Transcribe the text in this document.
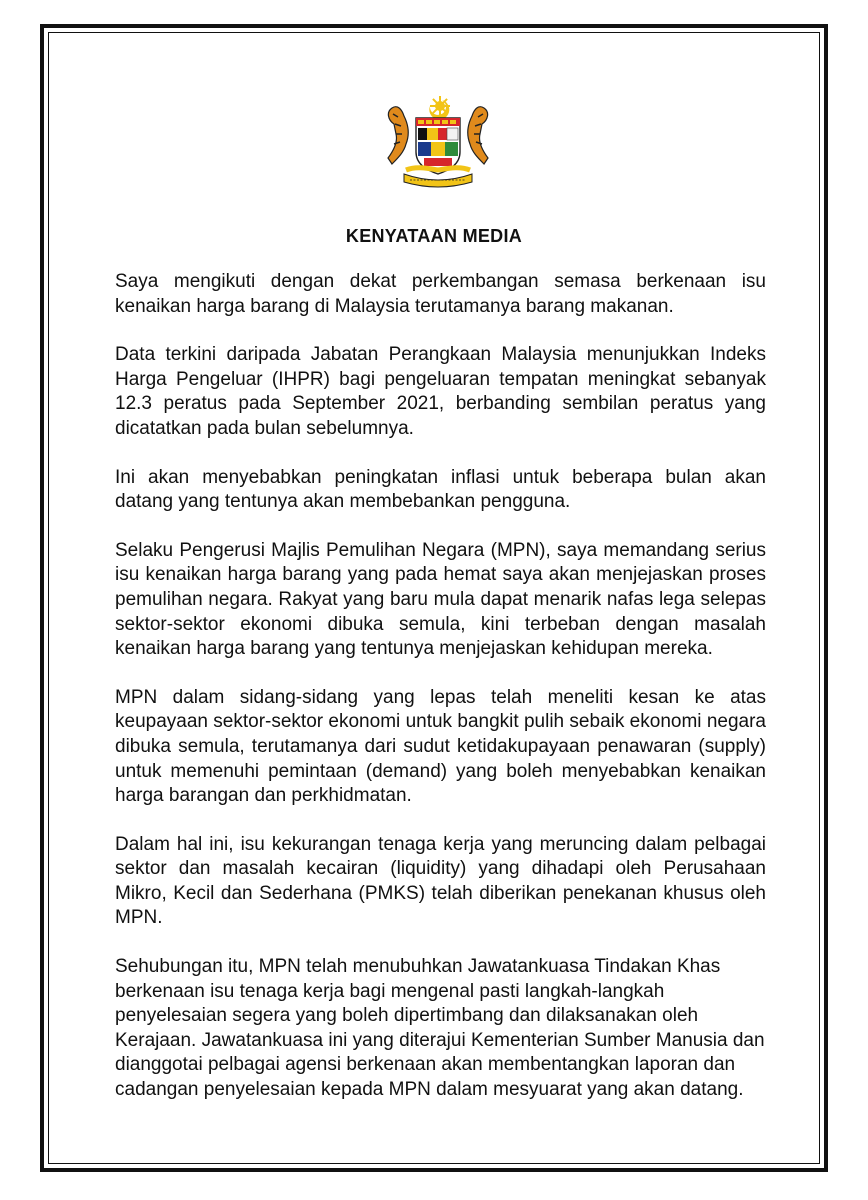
KENYATAAN MEDIA

Saya mengikuti dengan dekat perkembangan semasa berkenaan isu kenaikan harga barang di Malaysia terutamanya barang makanan.

Data terkini daripada Jabatan Perangkaan Malaysia menunjukkan Indeks Harga Pengeluar (IHPR) bagi pengeluaran tempatan meningkat sebanyak 12.3 peratus pada September 2021, berbanding sembilan peratus yang dicatatkan pada bulan sebelumnya.

Ini akan menyebabkan peningkatan inflasi untuk beberapa bulan akan datang yang tentunya akan membebankan pengguna.

Selaku Pengerusi Majlis Pemulihan Negara (MPN), saya memandang serius isu kenaikan harga barang yang pada hemat saya akan menjejaskan proses pemulihan negara. Rakyat yang baru mula dapat menarik nafas lega selepas sektor-sektor ekonomi dibuka semula, kini terbeban dengan masalah kenaikan harga barang yang tentunya menjejaskan kehidupan mereka.

MPN dalam sidang-sidang yang lepas telah meneliti kesan ke atas keupayaan sektor-sektor ekonomi untuk bangkit pulih sebaik ekonomi negara dibuka semula, terutamanya dari sudut ketidakupayaan penawaran (supply) untuk memenuhi pemintaan (demand) yang boleh menyebabkan kenaikan harga barangan dan perkhidmatan.

Dalam hal ini, isu kekurangan tenaga kerja yang meruncing dalam pelbagai sektor dan masalah kecairan (liquidity) yang dihadapi oleh Perusahaan Mikro, Kecil dan Sederhana (PMKS) telah diberikan penekanan khusus oleh MPN.

Sehubungan itu, MPN telah menubuhkan Jawatankuasa Tindakan Khas berkenaan isu tenaga kerja bagi mengenal pasti langkah-langkah penyelesaian segera yang boleh dipertimbang dan dilaksanakan oleh Kerajaan. Jawatankuasa ini yang diterajui Kementerian Sumber Manusia dan dianggotai pelbagai agensi berkenaan akan membentangkan laporan dan cadangan penyelesaian kepada MPN dalam mesyuarat yang akan datang.
